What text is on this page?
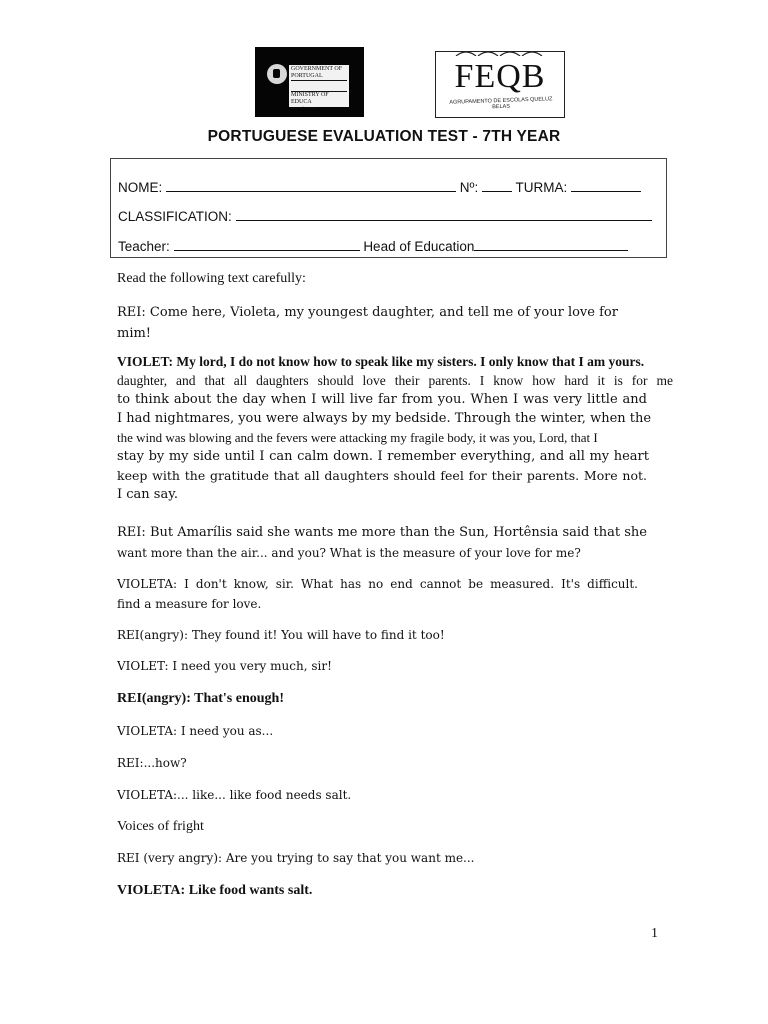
GOVERNMENT OF
PORTUGAL
MINISTRY OF EDUCA
DIRECÇÃO GERAL
FEQB
AGRUPAMENTO DE ESCOLAS QUELUZ BELAS
PORTUGUESE EVALUATION TEST - 7TH YEAR
NOME:	Nº:	TURMA:
CLASSIFICATION:
Teacher:	Head of Education
Read the following text carefully:
REI: Come here, Violeta, my youngest daughter, and tell me of your love for
mim!
VIOLET: My lord, I do not know how to speak like my sisters. I only know that I am yours.
daughter, and that all daughters should love their parents. I know how hard it is for me
to think about the day when I will live far from you. When I was very little and
I had nightmares, you were always by my bedside. Through the winter, when the
the wind was blowing and the fevers were attacking my fragile body, it was you, Lord, that I
stay by my side until I can calm down. I remember everything, and all my heart
keep with the gratitude that all daughters should feel for their parents. More not.
I can say.
REI: But Amarílis said she wants me more than the Sun, Hortênsia said that she
want more than the air... and you? What is the measure of your love for me?
VIOLETA: I don't know, sir. What has no end cannot be measured. It's difficult.
find a measure for love.
REI(angry): They found it! You will have to find it too!
VIOLET: I need you very much, sir!
REI(angry): That's enough!
VIOLETA: I need you as...
REI:...how?
VIOLETA:... like... like food needs salt.
Voices of fright
REI (very angry): Are you trying to say that you want me...
VIOLETA: Like food wants salt.
1
